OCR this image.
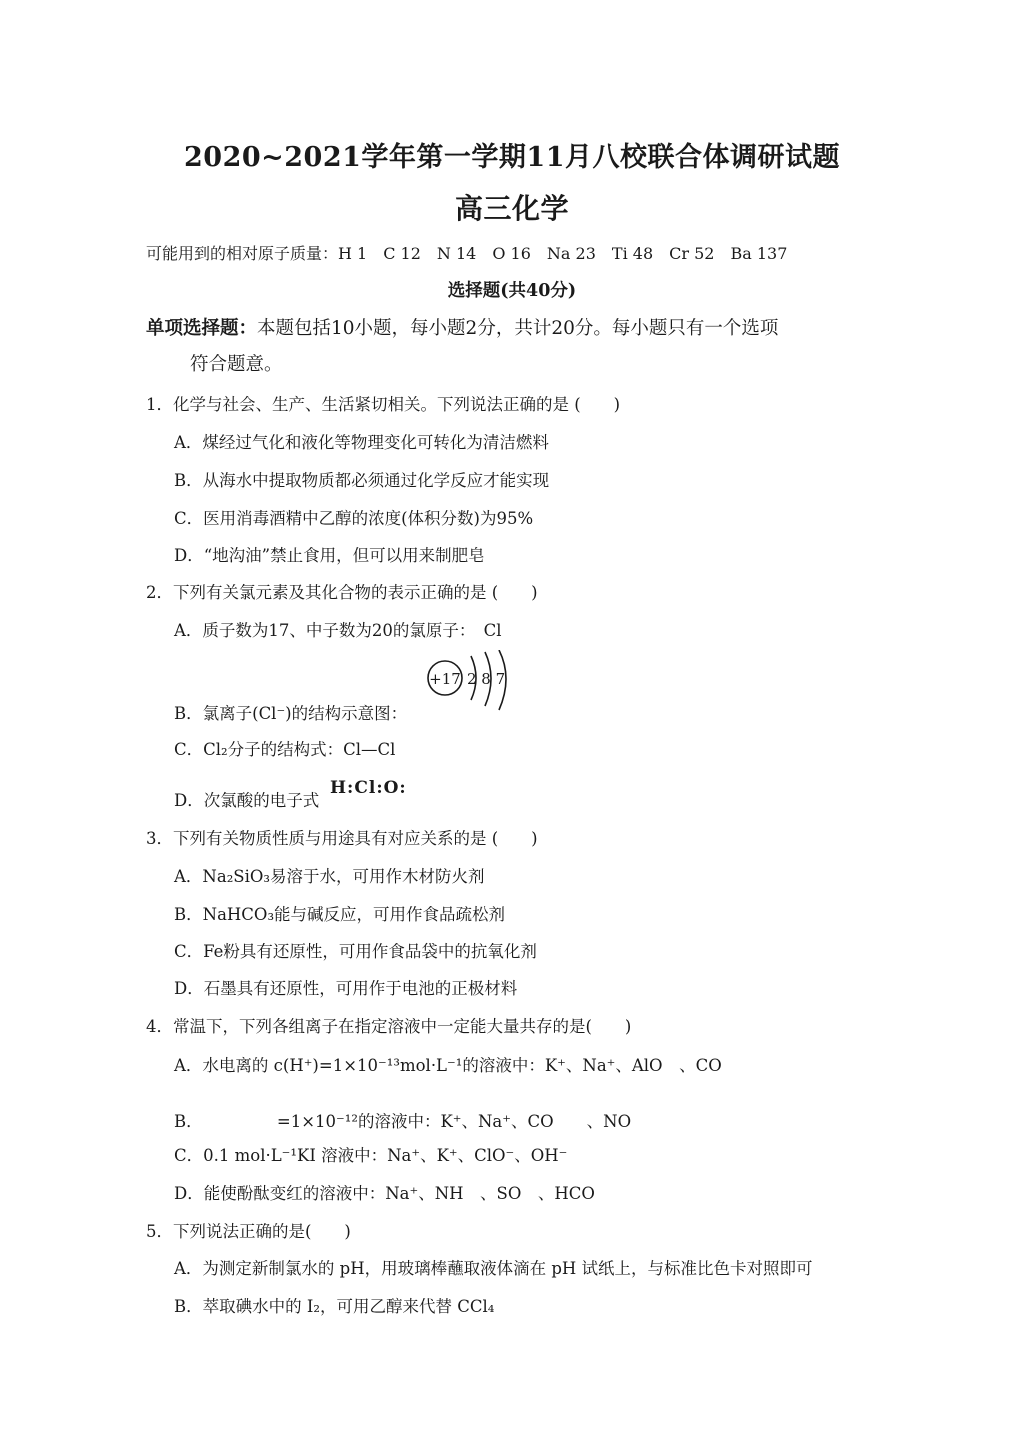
2020~2021学年第一学期11月八校联合体调研试题
高三化学
可能用到的相对原子质量：H 1　C 12　N 14　O 16　Na 23　Ti 48　Cr 52　Ba 137
选择题(共40分)
单项选择题：本题包括10小题，每小题2分，共计20分。每小题只有一个选项
符合题意。
1．化学与社会、生产、生活紧切相关。下列说法正确的是 (　　)
A．煤经过气化和液化等物理变化可转化为清洁燃料
B．从海水中提取物质都必须通过化学反应才能实现
C．医用消毒酒精中乙醇的浓度(体积分数)为95%
D．“地沟油”禁止食用，但可以用来制肥皂
2．下列有关氯元素及其化合物的表示正确的是 (　　)
A．质子数为17、中子数为20的氯原子：　Cl
+17 2 8 7
B．氯离子(Cl⁻)的结构示意图：
C．Cl₂分子的结构式：Cl—Cl
D．次氯酸的电子式
H:Cl:O:
3．下列有关物质性质与用途具有对应关系的是 (　　)
A．Na₂SiO₃易溶于水，可用作木材防火剂
B．NaHCO₃能与碱反应，可用作食品疏松剂
C．Fe粉具有还原性，可用作食品袋中的抗氧化剂
D．石墨具有还原性，可用作于电池的正极材料
4．常温下，下列各组离子在指定溶液中一定能大量共存的是(　　)
A．水电离的 c(H⁺)=1×10⁻¹³mol·L⁻¹的溶液中：K⁺、Na⁺、AlO　、CO
B．　　　　　=1×10⁻¹²的溶液中：K⁺、Na⁺、CO　　、NO
C．0.1 mol·L⁻¹KI 溶液中：Na⁺、K⁺、ClO⁻、OH⁻
D．能使酚酞变红的溶液中：Na⁺、NH　、SO　、HCO
5．下列说法正确的是(　　)
A．为测定新制氯水的 pH，用玻璃棒蘸取液体滴在 pH 试纸上，与标准比色卡对照即可
B．萃取碘水中的 I₂，可用乙醇来代替 CCl₄
